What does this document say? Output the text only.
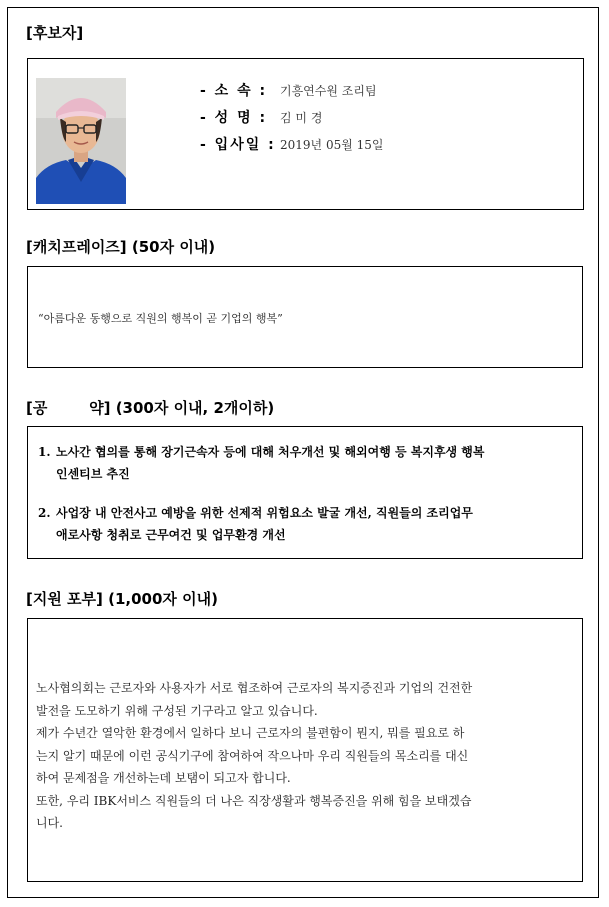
[후보자]
- 소 속 :	기흥연수원 조리팀
- 성 명 :	김 미 경
- 입사일 : 2019년 05월 15일
[캐치프레이즈] (50자 이내)
“아름다운 동행으로 직원의 행복이 곧 기업의 행복”
[공        약] (300자 이내, 2개이하)
1. 노사간 협의를 통해 장기근속자 등에 대해 처우개선 및 해외여행 등 복지후생 행복
인센티브 추진
2. 사업장 내 안전사고 예방을 위한 선제적 위험요소 발굴 개선, 직원들의 조리업무
애로사항 청취로 근무여건 및 업무환경 개선
[지원 포부] (1,000자 이내)

노사협의회는 근로자와 사용자가 서로 협조하여 근로자의 복지증진과 기업의 건전한

발전을 도모하기 위해 구성된 기구라고 알고 있습니다.

제가 수년간 열악한 환경에서 일하다 보니 근로자의 불편함이 뭔지, 뭐를 필요로 하

는지 알기 때문에 이런 공식기구에 참여하여 작으나마 우리 직원들의 목소리를 대신

하여 문제점을 개선하는데 보탬이 되고자 합니다.

또한, 우리 IBK서비스 직원들의 더 나은 직장생활과 행복증진을 위해 힘을 보태겠습

니다.
